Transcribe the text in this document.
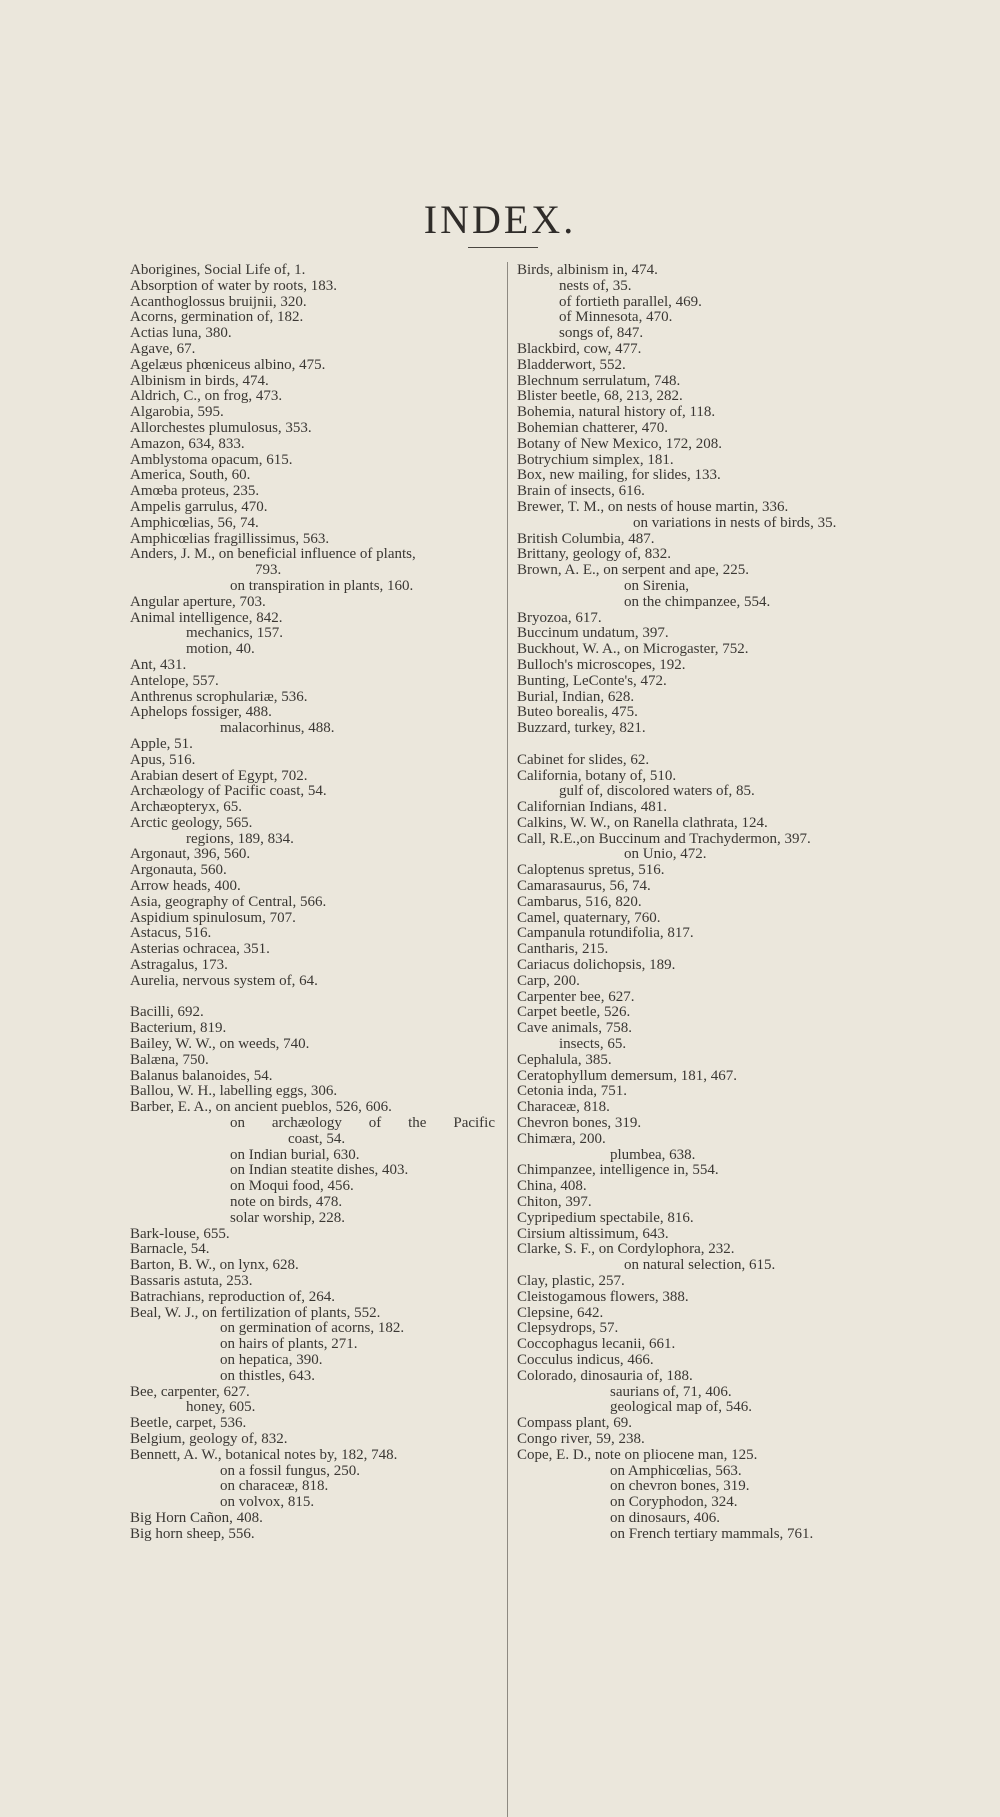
INDEX.
Aborigines, Social Life of, 1.
Absorption of water by roots, 183.
Acanthoglossus bruijnii, 320.
Acorns, germination of, 182.
Actias luna, 380.
Agave, 67.
Agelæus phœniceus albino, 475.
Albinism in birds, 474.
Aldrich, C., on frog, 473.
Algarobia, 595.
Allorchestes plumulosus, 353.
Amazon, 634, 833.
Amblystoma opacum, 615.
America, South, 60.
Amœba proteus, 235.
Ampelis garrulus, 470.
Amphicœlias, 56, 74.
Amphicœlias fragillissimus, 563.
Anders, J. M., on beneficial influence of plants,
793.
on transpiration in plants, 160.
Angular aperture, 703.
Animal intelligence, 842.
mechanics, 157.
motion, 40.
Ant, 431.
Antelope, 557.
Anthrenus scrophulariæ, 536.
Aphelops fossiger, 488.
malacorhinus, 488.
Apple, 51.
Apus, 516.
Arabian desert of Egypt, 702.
Archæology of Pacific coast, 54.
Archæopteryx, 65.
Arctic geology, 565.
regions, 189, 834.
Argonaut, 396, 560.
Argonauta, 560.
Arrow heads, 400.
Asia, geography of Central, 566.
Aspidium spinulosum, 707.
Astacus, 516.
Asterias ochracea, 351.
Astragalus, 173.
Aurelia, nervous system of, 64.
Bacilli, 692.
Bacterium, 819.
Bailey, W. W., on weeds, 740.
Balæna, 750.
Balanus balanoides, 54.
Ballou, W. H., labelling eggs, 306.
Barber, E. A., on ancient pueblos, 526, 606.
on archæology of the Pacific
coast, 54.
on Indian burial, 630.
on Indian steatite dishes, 403.
on Moqui food, 456.
note on birds, 478.
solar worship, 228.
Bark-louse, 655.
Barnacle, 54.
Barton, B. W., on lynx, 628.
Bassaris astuta, 253.
Batrachians, reproduction of, 264.
Beal, W. J., on fertilization of plants, 552.
on germination of acorns, 182.
on hairs of plants, 271.
on hepatica, 390.
on thistles, 643.
Bee, carpenter, 627.
honey, 605.
Beetle, carpet, 536.
Belgium, geology of, 832.
Bennett, A. W., botanical notes by, 182, 748.
on a fossil fungus, 250.
on characeæ, 818.
on volvox, 815.
Big Horn Cañon, 408.
Big horn sheep, 556.
Birds, albinism in, 474.
nests of, 35.
of fortieth parallel, 469.
of Minnesota, 470.
songs of, 847.
Blackbird, cow, 477.
Bladderwort, 552.
Blechnum serrulatum, 748.
Blister beetle, 68, 213, 282.
Bohemia, natural history of, 118.
Bohemian chatterer, 470.
Botany of New Mexico, 172, 208.
Botrychium simplex, 181.
Box, new mailing, for slides, 133.
Brain of insects, 616.
Brewer, T. M., on nests of house martin, 336.
on variations in nests of birds, 35.
British Columbia, 487.
Brittany, geology of, 832.
Brown, A. E., on serpent and ape, 225.
on Sirenia,
on the chimpanzee, 554.
Bryozoa, 617.
Buccinum undatum, 397.
Buckhout, W. A., on Microgaster, 752.
Bulloch's microscopes, 192.
Bunting, LeConte's, 472.
Burial, Indian, 628.
Buteo borealis, 475.
Buzzard, turkey, 821.
Cabinet for slides, 62.
California, botany of, 510.
gulf of, discolored waters of, 85.
Californian Indians, 481.
Calkins, W. W., on Ranella clathrata, 124.
Call, R.E.,on Buccinum and Trachydermon, 397.
on Unio, 472.
Caloptenus spretus, 516.
Camarasaurus, 56, 74.
Cambarus, 516, 820.
Camel, quaternary, 760.
Campanula rotundifolia, 817.
Cantharis, 215.
Cariacus dolichopsis, 189.
Carp, 200.
Carpenter bee, 627.
Carpet beetle, 526.
Cave animals, 758.
insects, 65.
Cephalula, 385.
Ceratophyllum demersum, 181, 467.
Cetonia inda, 751.
Characeæ, 818.
Chevron bones, 319.
Chimæra, 200.
plumbea, 638.
Chimpanzee, intelligence in, 554.
China, 408.
Chiton, 397.
Cypripedium spectabile, 816.
Cirsium altissimum, 643.
Clarke, S. F., on Cordylophora, 232.
on natural selection, 615.
Clay, plastic, 257.
Cleistogamous flowers, 388.
Clepsine, 642.
Clepsydrops, 57.
Coccophagus lecanii, 661.
Cocculus indicus, 466.
Colorado, dinosauria of, 188.
saurians of, 71, 406.
geological map of, 546.
Compass plant, 69.
Congo river, 59, 238.
Cope, E. D., note on pliocene man, 125.
on Amphicœlias, 563.
on chevron bones, 319.
on Coryphodon, 324.
on dinosaurs, 406.
on French tertiary mammals, 761.
